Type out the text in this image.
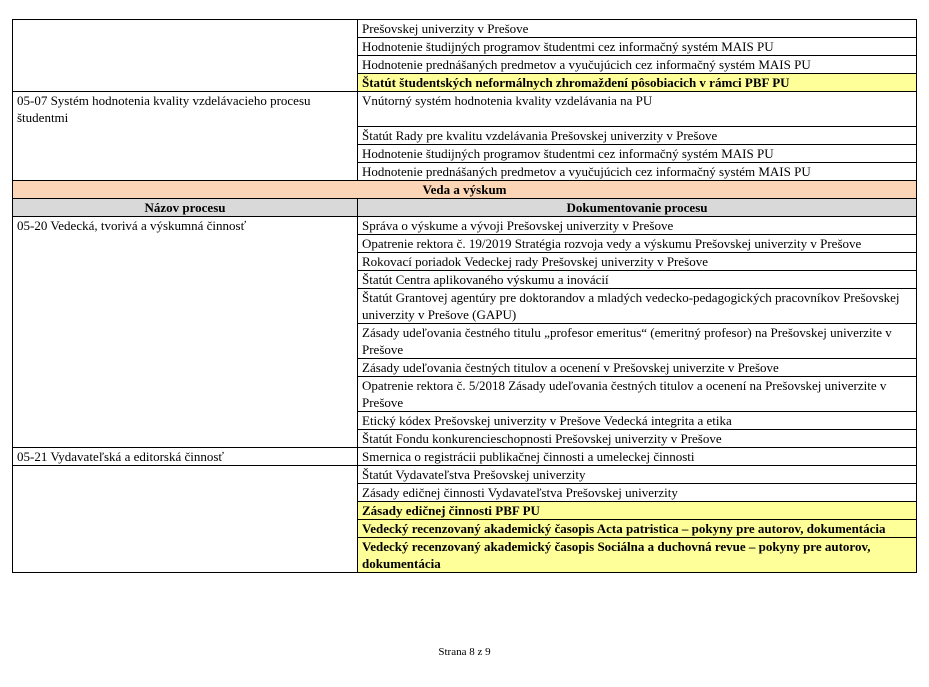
	Prešovskej univerzity v Prešove
	Hodnotenie študijných programov študentmi cez informačný systém MAIS PU
	Hodnotenie prednášaných predmetov a vyučujúcich cez informačný systém MAIS PU
	Štatút študentských neformálnych zhromaždení pôsobiacich v rámci PBF PU
05-07 Systém hodnotenia kvality vzdelávacieho procesu študentmi	Vnútorný systém hodnotenia kvality vzdelávania na PU
	Štatút Rady pre kvalitu vzdelávania Prešovskej univerzity v Prešove
	Hodnotenie študijných programov študentmi cez informačný systém MAIS PU
	Hodnotenie prednášaných predmetov a vyučujúcich cez informačný systém MAIS PU
Veda a výskum	
Názov procesu	Dokumentovanie procesu
05-20 Vedecká, tvorivá a výskumná činnosť	Správa o výskume a vývoji Prešovskej univerzity v Prešove
	Opatrenie rektora č. 19/2019 Stratégia rozvoja vedy a výskumu Prešovskej univerzity v Prešove
	Rokovací poriadok Vedeckej rady Prešovskej univerzity v Prešove
	Štatút Centra aplikovaného výskumu a inovácií
	Štatút Grantovej agentúry pre doktorandov a mladých vedecko-pedagogických pracovníkov Prešovskej univerzity v Prešove (GAPU)
	Zásady udeľovania čestného titulu „profesor emeritus“ (emeritný profesor) na Prešovskej univerzite v Prešove
	Zásady udeľovania čestných titulov a ocenení v Prešovskej univerzite v Prešove
	Opatrenie rektora č. 5/2018 Zásady udeľovania čestných titulov a ocenení na Prešovskej univerzite v Prešove
	Etický kódex Prešovskej univerzity v Prešove Vedecká integrita a etika
	Štatút Fondu konkurencieschopnosti Prešovskej univerzity v Prešove
05-21 Vydavateľská a editorská činnosť	Smernica o registrácii publikačnej činnosti a umeleckej činnosti
	Štatút Vydavateľstva Prešovskej univerzity
	Zásady edičnej činnosti Vydavateľstva Prešovskej univerzity
	Zásady edičnej činnosti PBF PU
	Vedecký recenzovaný akademický časopis Acta patristica – pokyny pre autorov, dokumentácia
	Vedecký recenzovaný akademický časopis Sociálna a duchovná revue – pokyny pre autorov, dokumentácia
Strana 8 z 9
